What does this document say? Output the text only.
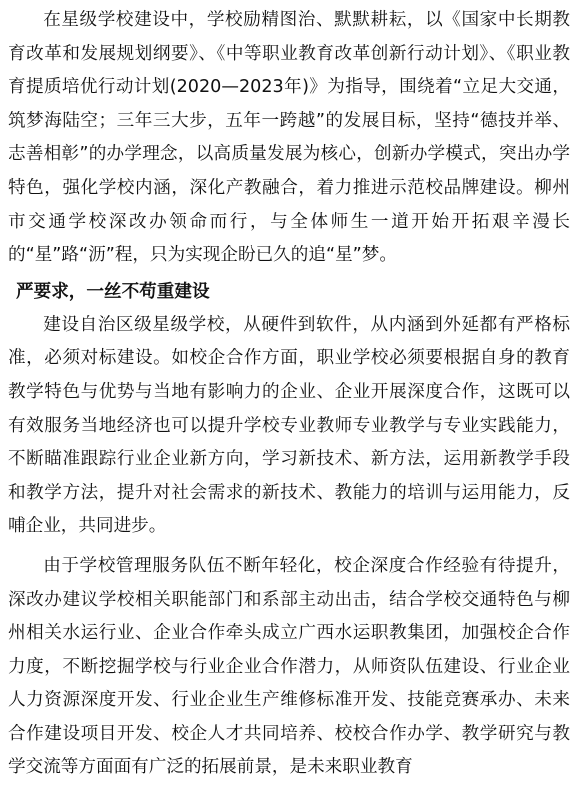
在星级学校建设中，学校励精图治、默默耕耘，以《国家中长期教育改革和发展规划纲要》、《中等职业教育改革创新行动计划》、《职业教育提质培优行动计划(2020—2023年)》为指导，围绕着“立足大交通，筑梦海陆空；三年三大步，五年一跨越”的发展目标，坚持“德技并举、志善相彰”的办学理念，以高质量发展为核心，创新办学模式，突出办学特色，强化学校内涵，深化产教融合，着力推进示范校品牌建设。柳州市交通学校深改办领命而行，与全体师生一道开始开拓艰辛漫长的“星”路“沥”程，只为实现企盼已久的追“星”梦。

严要求，一丝不苟重建设

建设自治区级星级学校，从硬件到软件，从内涵到外延都有严格标准，必须对标建设。如校企合作方面，职业学校必须要根据自身的教育教学特色与优势与当地有影响力的企业、企业开展深度合作，这既可以有效服务当地经济也可以提升学校专业教师专业教学与专业实践能力，不断瞄准跟踪行业企业新方向，学习新技术、新方法，运用新教学手段和教学方法，提升对社会需求的新技术、教能力的培训与运用能力，反哺企业，共同进步。

由于学校管理服务队伍不断年轻化，校企深度合作经验有待提升，深改办建议学校相关职能部门和系部主动出击，结合学校交通特色与柳州相关水运行业、企业合作牵头成立广西水运职教集团，加强校企合作力度，不断挖掘学校与行业企业合作潜力，从师资队伍建设、行业企业人力资源深度开发、行业企业生产维修标准开发、技能竞赛承办、未来合作建设项目开发、校企人才共同培养、校校合作办学、教学研究与教学交流等方面面有广泛的拓展前景，是未来职业教育
